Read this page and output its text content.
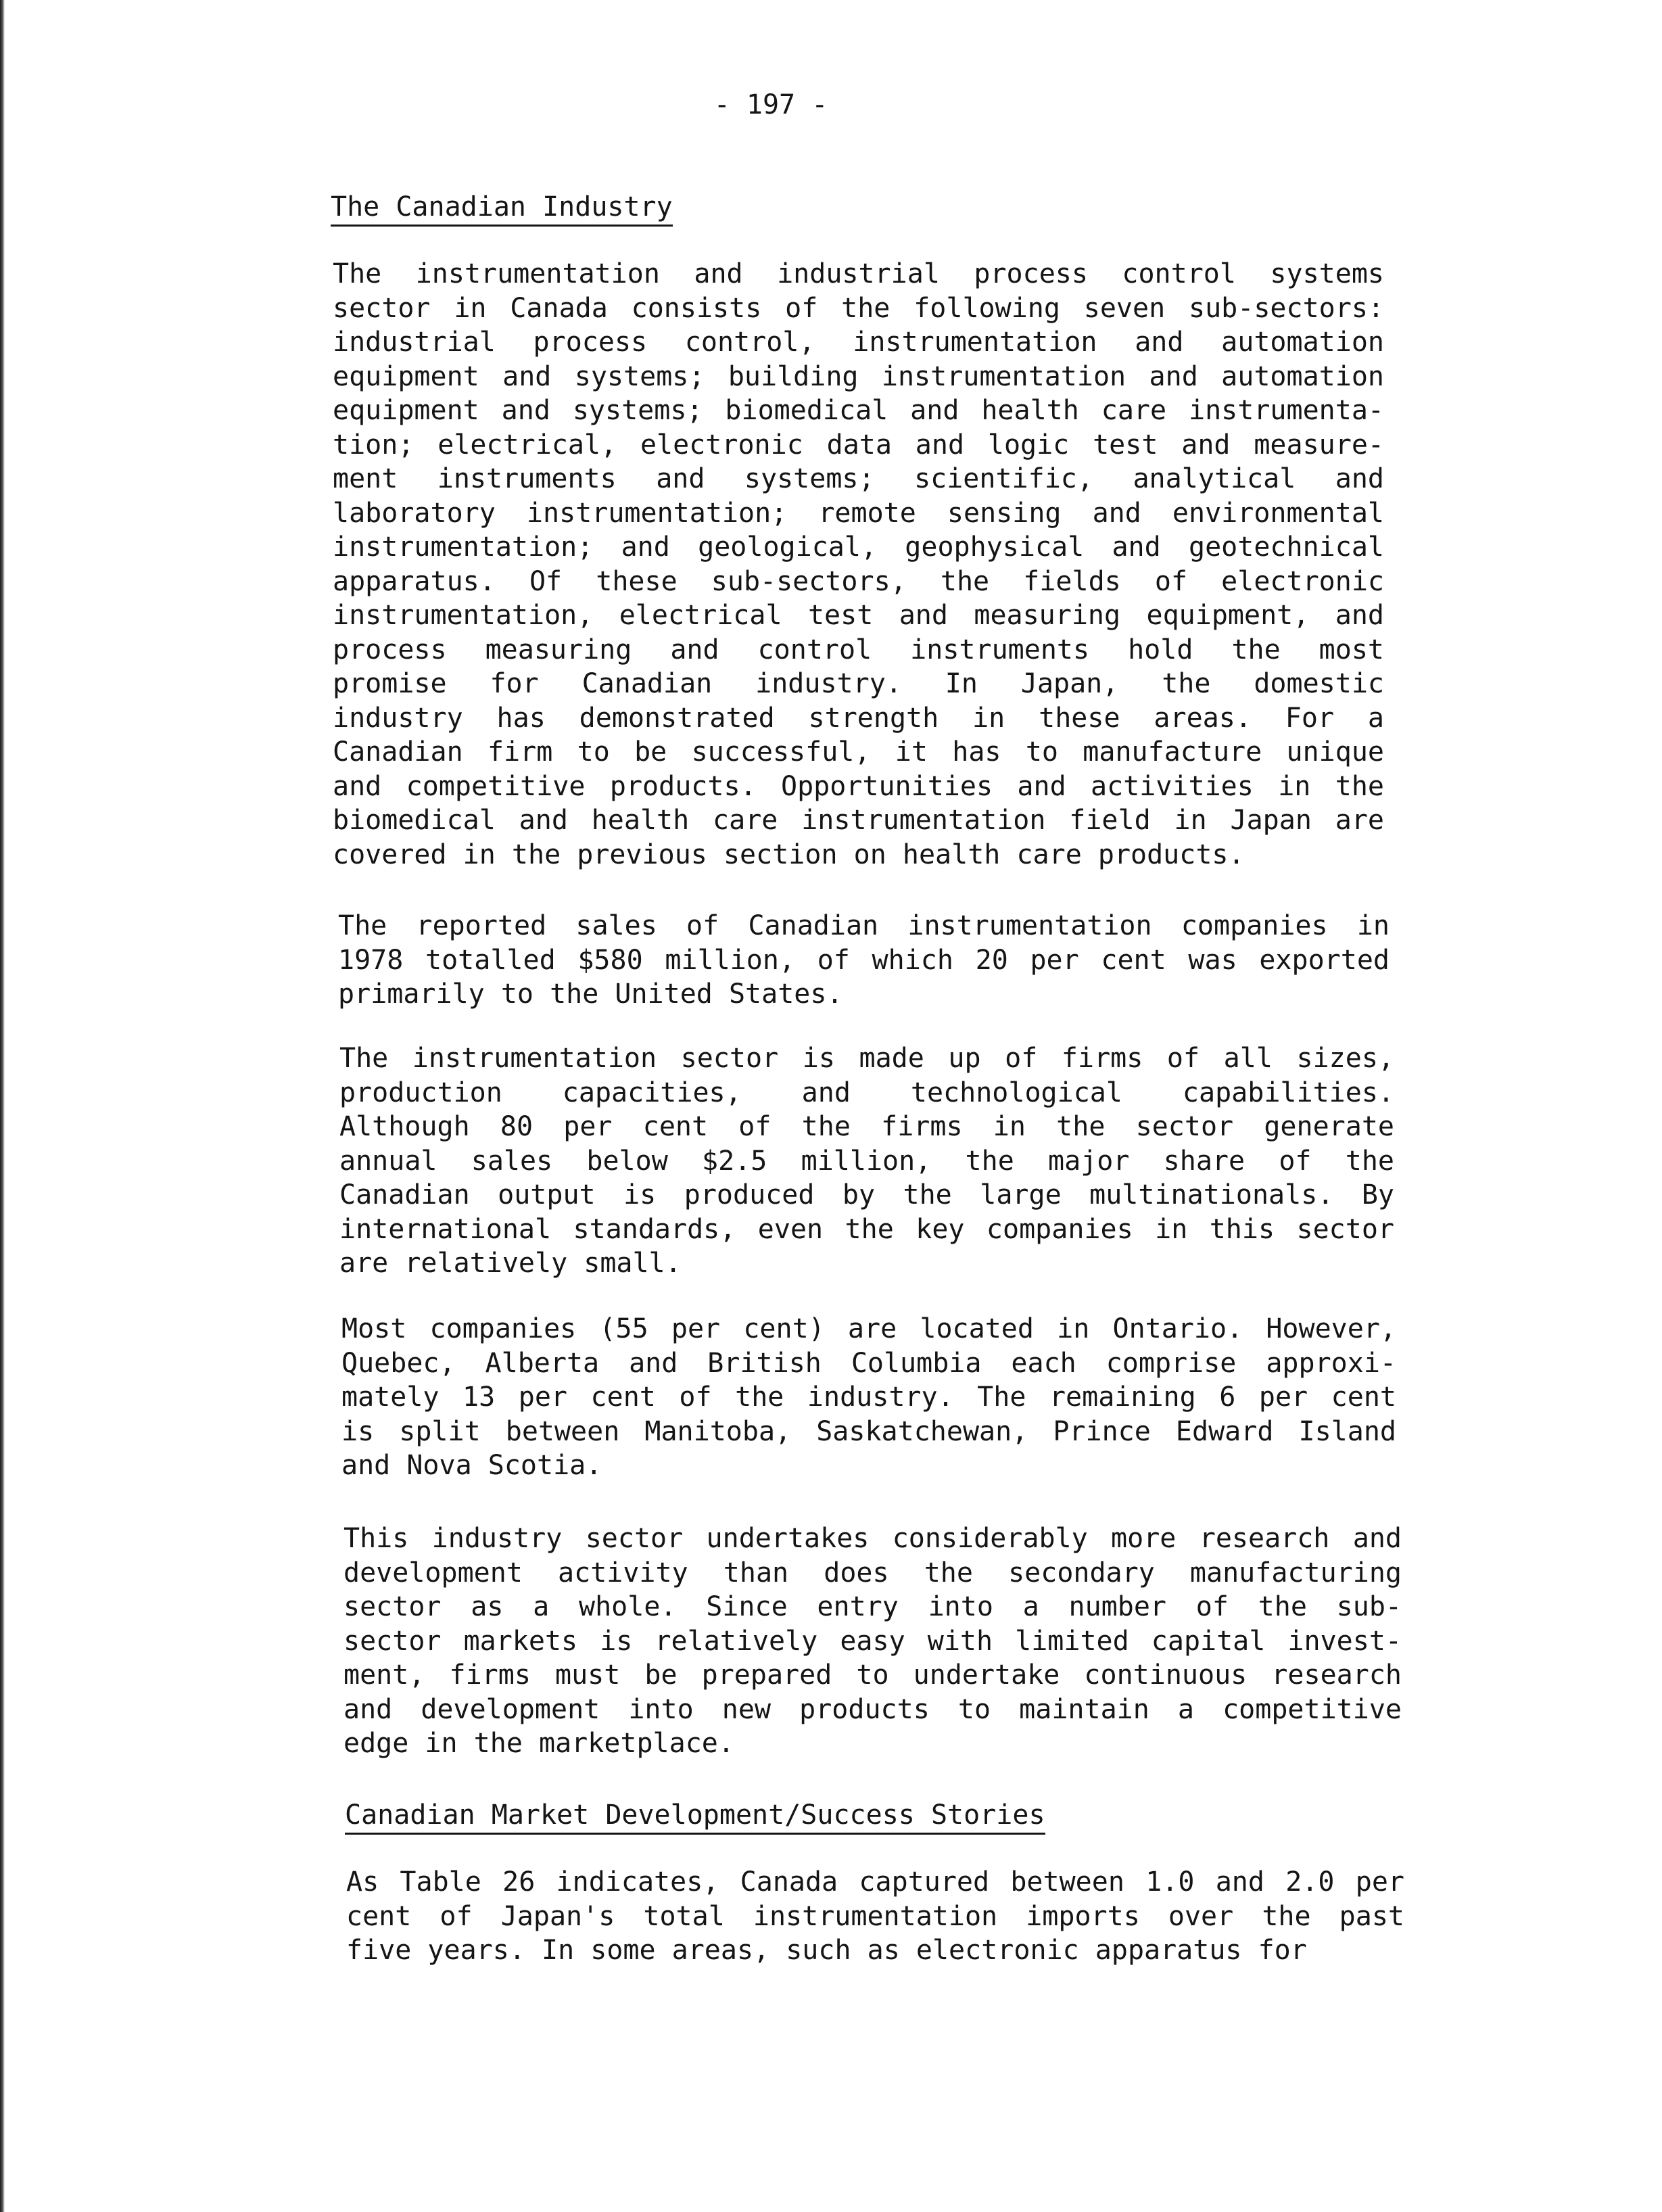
- 197 -
The Canadian Industry
The instrumentation and industrial process control systems
sector in Canada consists of the following seven sub-sectors:
industrial process control, instrumentation and automation
equipment and systems; building instrumentation and automation
equipment and systems; biomedical and health care instrumenta-
tion; electrical, electronic data and logic test and measure-
ment instruments and systems; scientific, analytical and
laboratory instrumentation; remote sensing and environmental
instrumentation; and geological, geophysical and geotechnical
apparatus. Of these sub-sectors, the fields of electronic
instrumentation, electrical test and measuring equipment, and
process measuring and control instruments hold the most
promise for Canadian industry. In Japan, the domestic
industry has demonstrated strength in these areas. For a
Canadian firm to be successful, it has to manufacture unique
and competitive products. Opportunities and activities in the
biomedical and health care instrumentation field in Japan are
covered in the previous section on health care products.
The reported sales of Canadian instrumentation companies in
1978 totalled $580 million, of which 20 per cent was exported
primarily to the United States.
The instrumentation sector is made up of firms of all sizes,
production capacities, and technological capabilities.
Although 80 per cent of the firms in the sector generate
annual sales below $2.5 million, the major share of the
Canadian output is produced by the large multinationals. By
international standards, even the key companies in this sector
are relatively small.
Most companies (55 per cent) are located in Ontario. However,
Quebec, Alberta and British Columbia each comprise approxi-
mately 13 per cent of the industry. The remaining 6 per cent
is split between Manitoba, Saskatchewan, Prince Edward Island
and Nova Scotia.
This industry sector undertakes considerably more research and
development activity than does the secondary manufacturing
sector as a whole. Since entry into a number of the sub-
sector markets is relatively easy with limited capital invest-
ment, firms must be prepared to undertake continuous research
and development into new products to maintain a competitive
edge in the marketplace.
Canadian Market Development/Success Stories
As Table 26 indicates, Canada captured between 1.0 and 2.0 per
cent of Japan's total instrumentation imports over the past
five years. In some areas, such as electronic apparatus for
